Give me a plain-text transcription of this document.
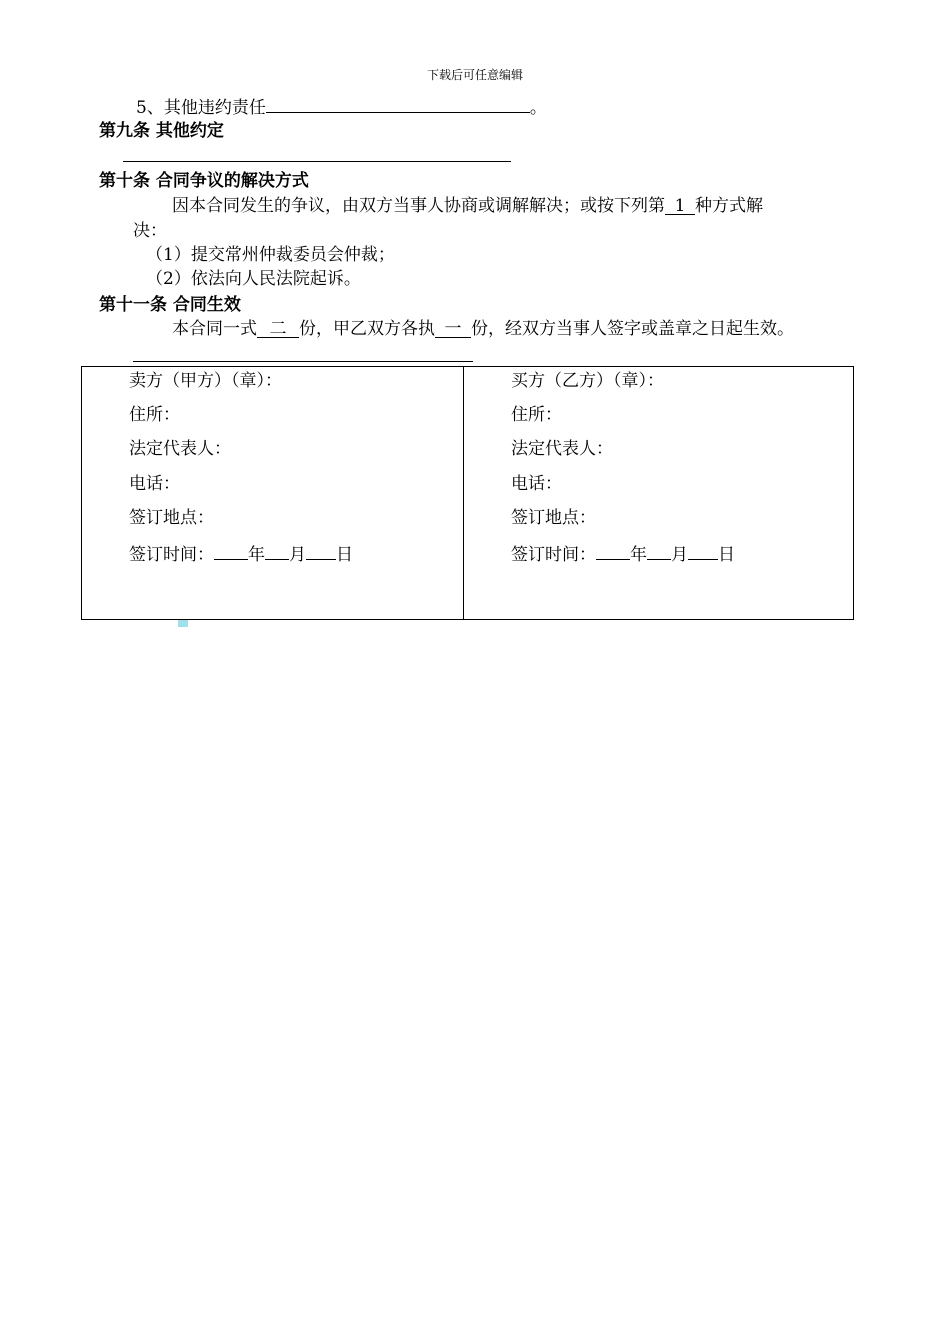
下载后可任意编辑
5、其他违约责任	。
第九条 其他约定
第十条 合同争议的解决方式
因本合同发生的争议，由双方当事人协商或调解解决；或按下列第 1 种方式解
决：
（1）提交常州仲裁委员会仲裁；
（2）依法向人民法院起诉。
第十一条 合同生效
本合同一式 二 份，甲乙双方各执 一 份，经双方当事人签字或盖章之日起生效。
卖方（甲方）（章）：
住所：
法定代表人：
电话：
签订地点：
签订时间： 年 月 日
买方（乙方）（章）：
住所：
法定代表人：
电话：
签订地点：
签订时间： 年 月 日
